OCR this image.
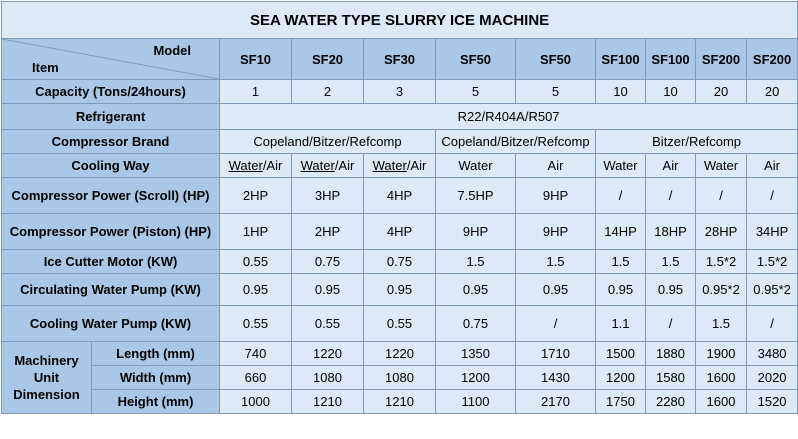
SEA WATER TYPE SLURRY ICE MACHINE										

Model
Item		SF10	SF20	SF30	SF50	SF50	SF100	SF100	SF200	SF200
Capacity (Tons/24hours)		1	2	3	5	5	10	10	20	20
Refrigerant		R22/R404A/R507								
Compressor Brand		Copeland/Bitzer/Refcomp			Copeland/Bitzer/Refcomp		Bitzer/Refcomp			
Cooling Way		Water/Air	Water/Air	Water/Air	Water	Air	Water	Air	Water	Air
Compressor Power (Scroll) (HP)		2HP	3HP	4HP	7.5HP	9HP	/	/	/	/
Compressor Power (Piston) (HP)		1HP	2HP	4HP	9HP	9HP	14HP	18HP	28HP	34HP
Ice Cutter Motor (KW)		0.55	0.75	0.75	1.5	1.5	1.5	1.5	1.5*2	1.5*2
Circulating Water Pump (KW)		0.95	0.95	0.95	0.95	0.95	0.95	0.95	0.95*2	0.95*2
Cooling Water Pump (KW)		0.55	0.55	0.55	0.75	/	1.1	/	1.5	/
Machinery Unit Dimension	Length (mm)	740	1220	1220	1350	1710	1500	1880	1900	3480
	Width (mm)	660	1080	1080	1200	1430	1200	1580	1600	2020
	Height (mm)	1000	1210	1210	1100	2170	1750	2280	1600	1520
